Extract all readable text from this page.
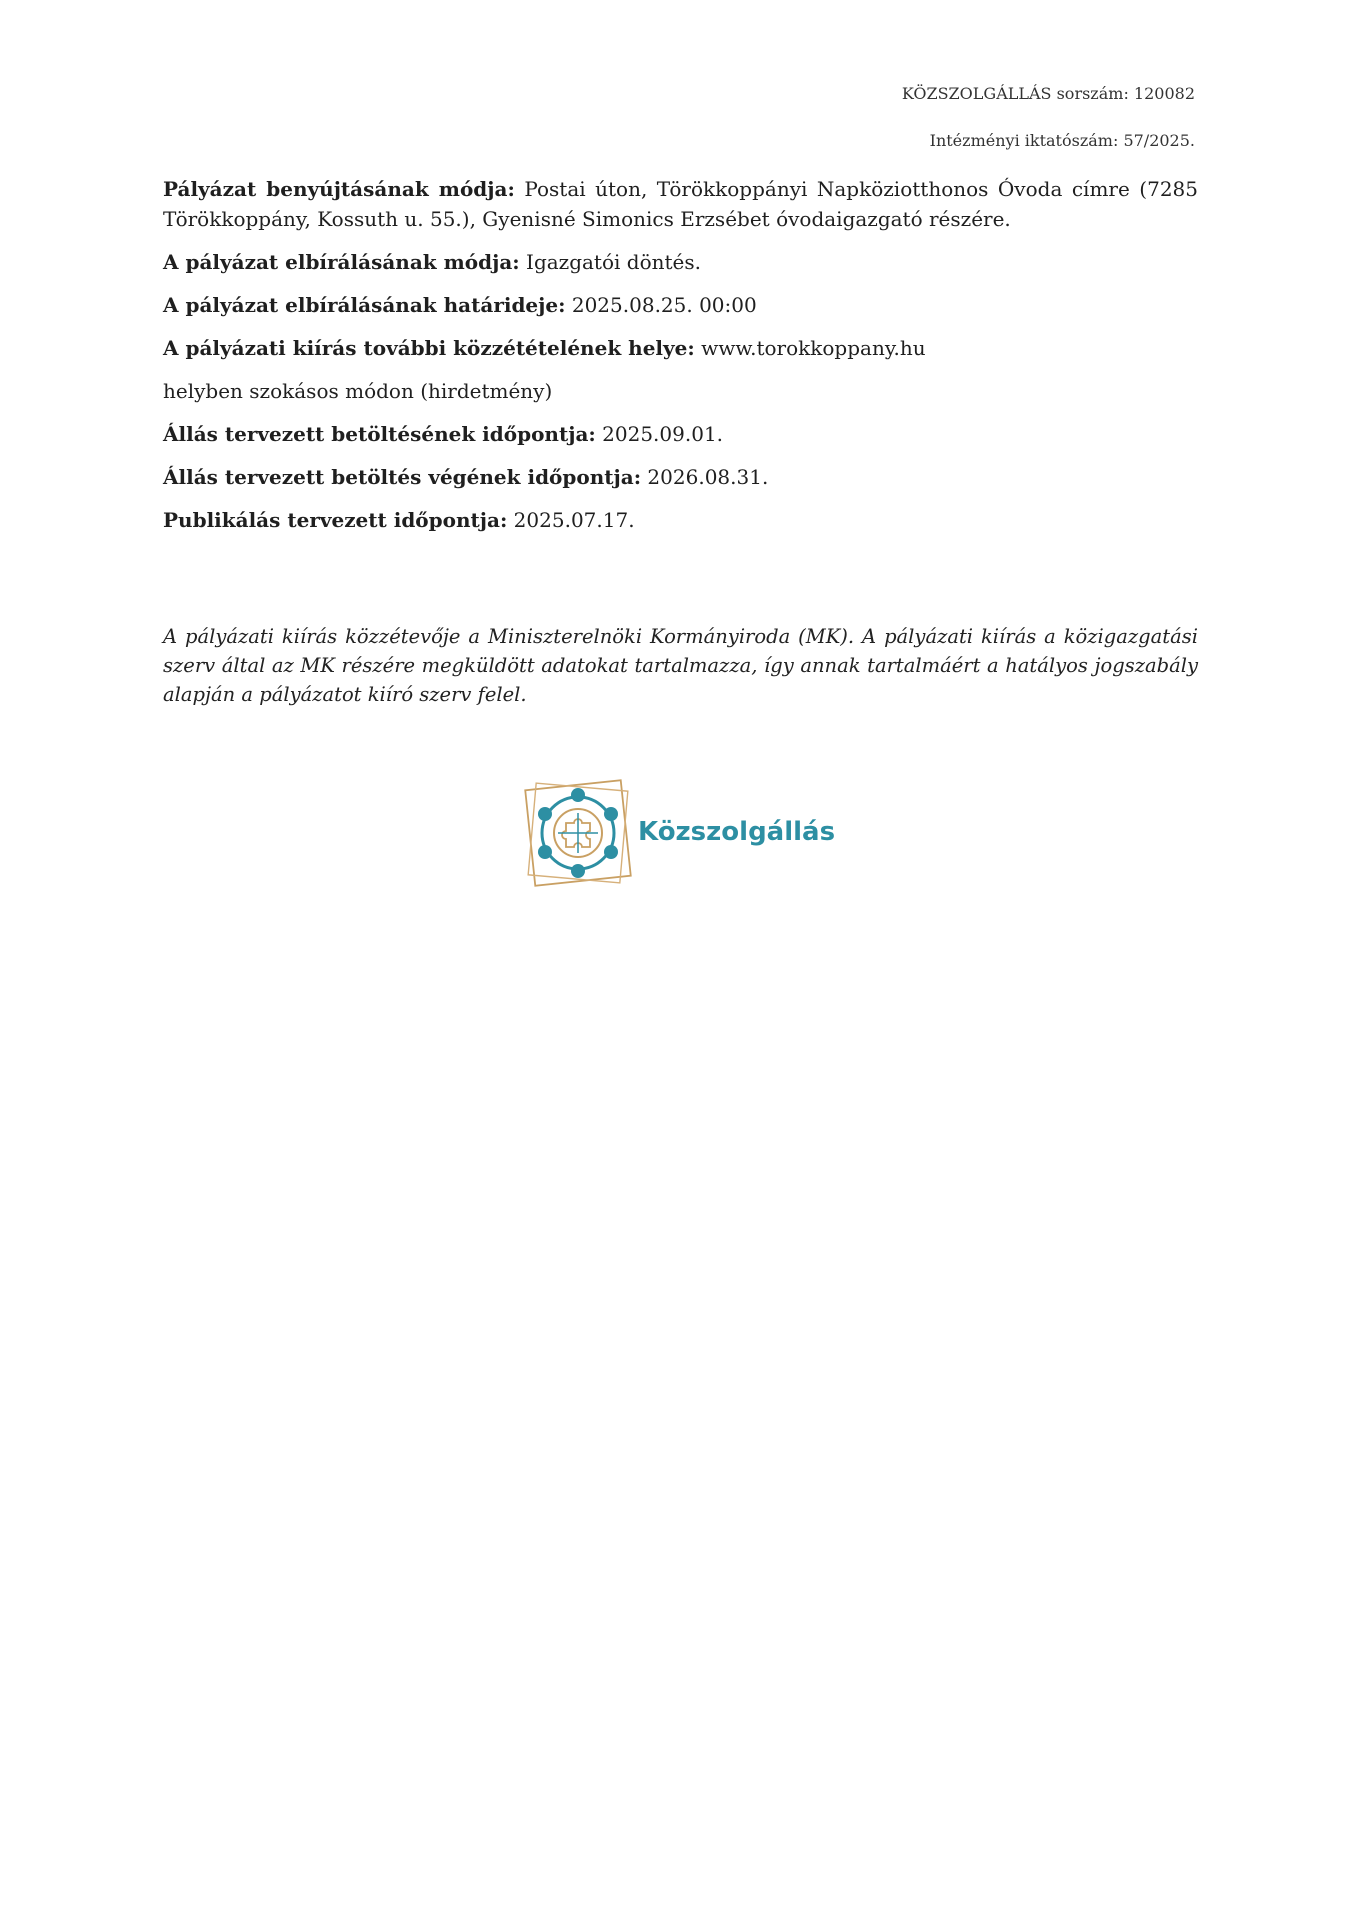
KÖZSZOLGÁLLÁS sorszám: 120082
Intézményi iktatószám: 57/2025.

Pályázat benyújtásának módja: Postai úton, Törökkoppányi Napköziotthonos Óvoda címre (7285 Törökkoppány, Kossuth u. 55.), Gyenisné Simonics Erzsébet óvodaigazgató részére.

A pályázat elbírálásának módja: Igazgatói döntés.

A pályázat elbírálásának határideje: 2025.08.25. 00:00

A pályázati kiírás további közzétételének helye: www.torokkoppany.hu

helyben szokásos módon (hirdetmény)

Állás tervezett betöltésének időpontja: 2025.09.01.

Állás tervezett betöltés végének időpontja: 2026.08.31.

Publikálás tervezett időpontja: 2025.07.17.

A pályázati kiírás közzétevője a Miniszterelnöki Kormányiroda (MK). A pályázati kiírás a közigazgatási szerv által az MK részére megküldött adatokat tartalmazza, így annak tartalmáért a hatályos jogszabály alapján a pályázatot kiíró szerv felel.
Közszolgállás
